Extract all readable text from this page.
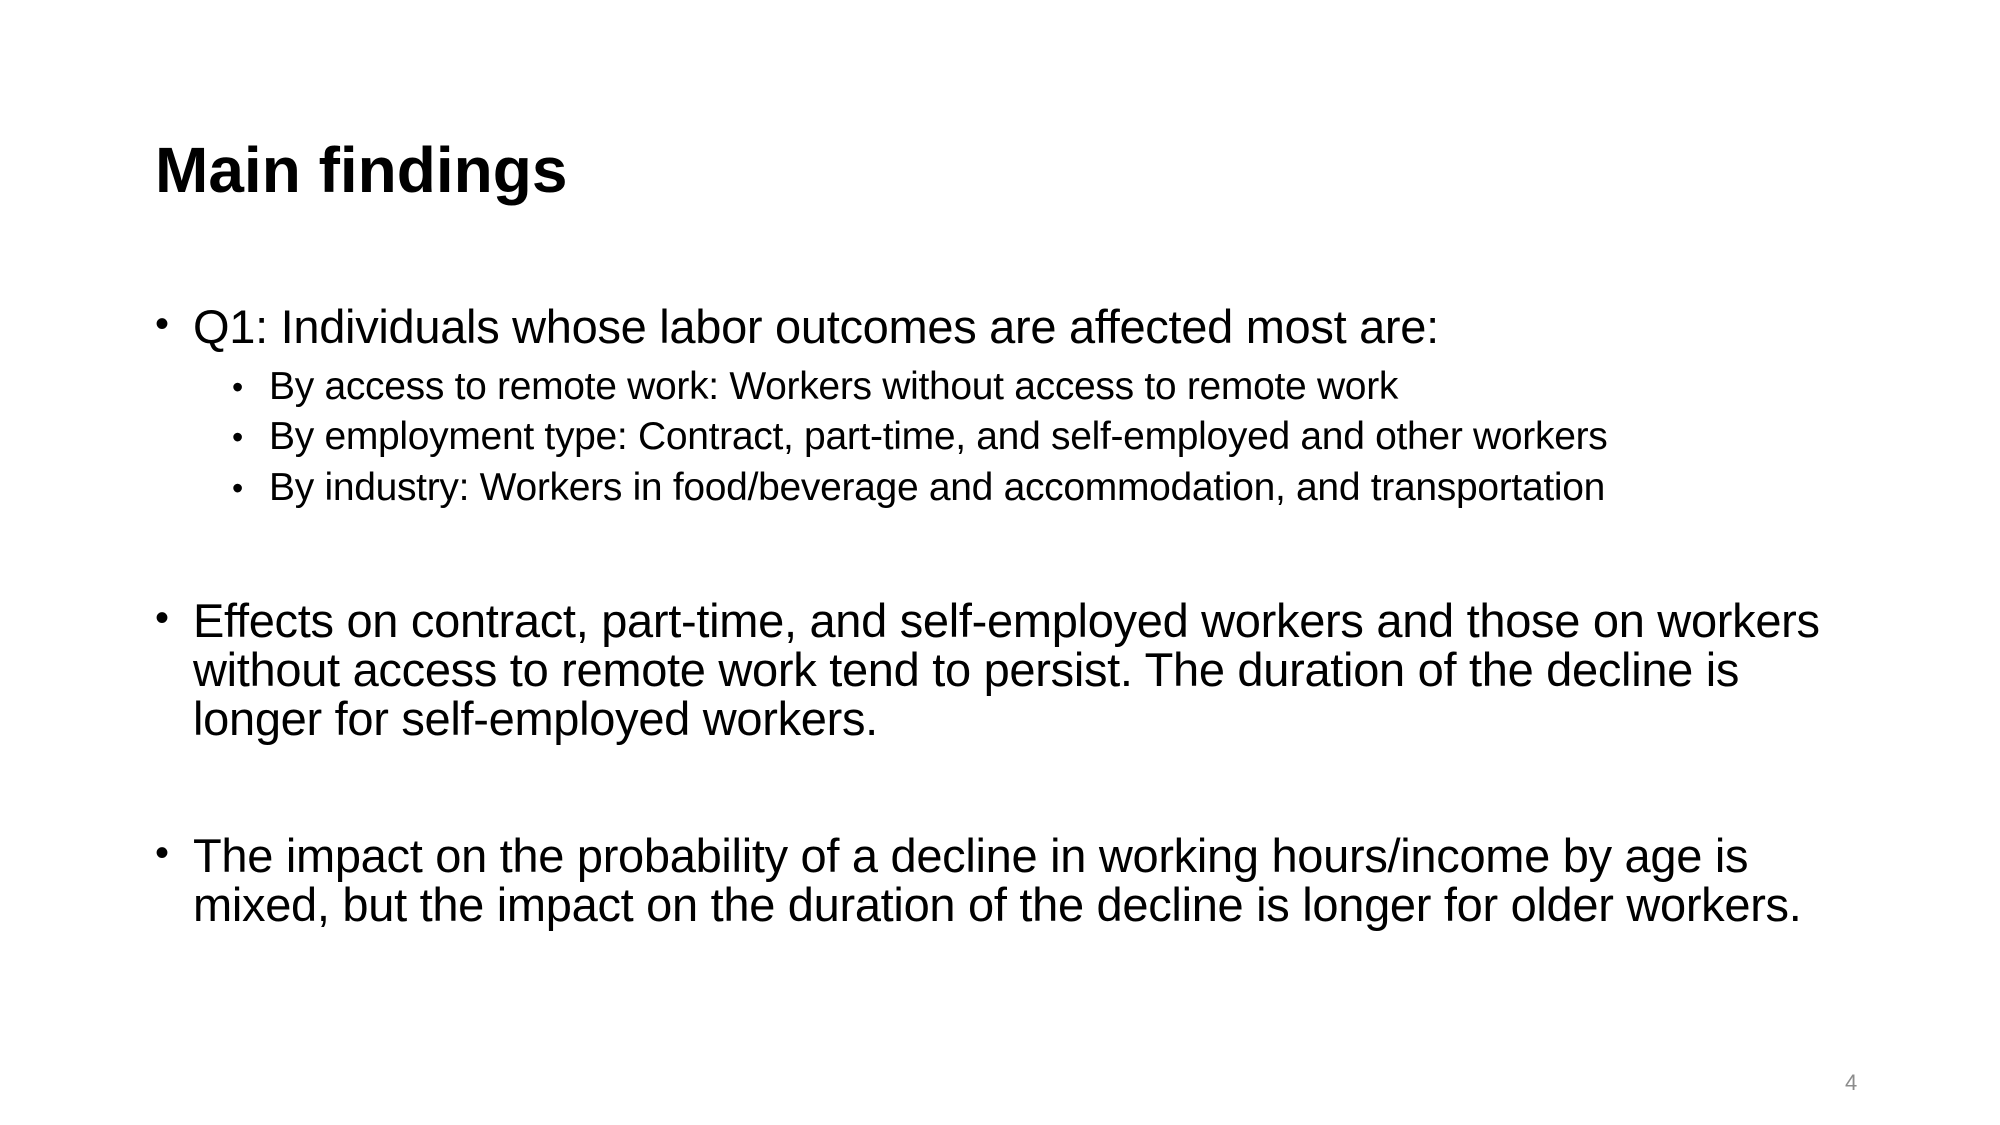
Main findings
• Q1: Individuals whose labor outcomes are affected most are:
• By access to remote work: Workers without access to remote work
• By employment type: Contract, part-time, and self-employed and other workers
• By industry: Workers in food/beverage and accommodation, and transportation
• Effects on contract, part-time, and self-employed workers and those on workers without access to remote work tend to persist. The duration of the decline is longer for self-employed workers.
• The impact on the probability of a decline in working hours/income by age is mixed, but the impact on the duration of the decline is longer for older workers.
4
